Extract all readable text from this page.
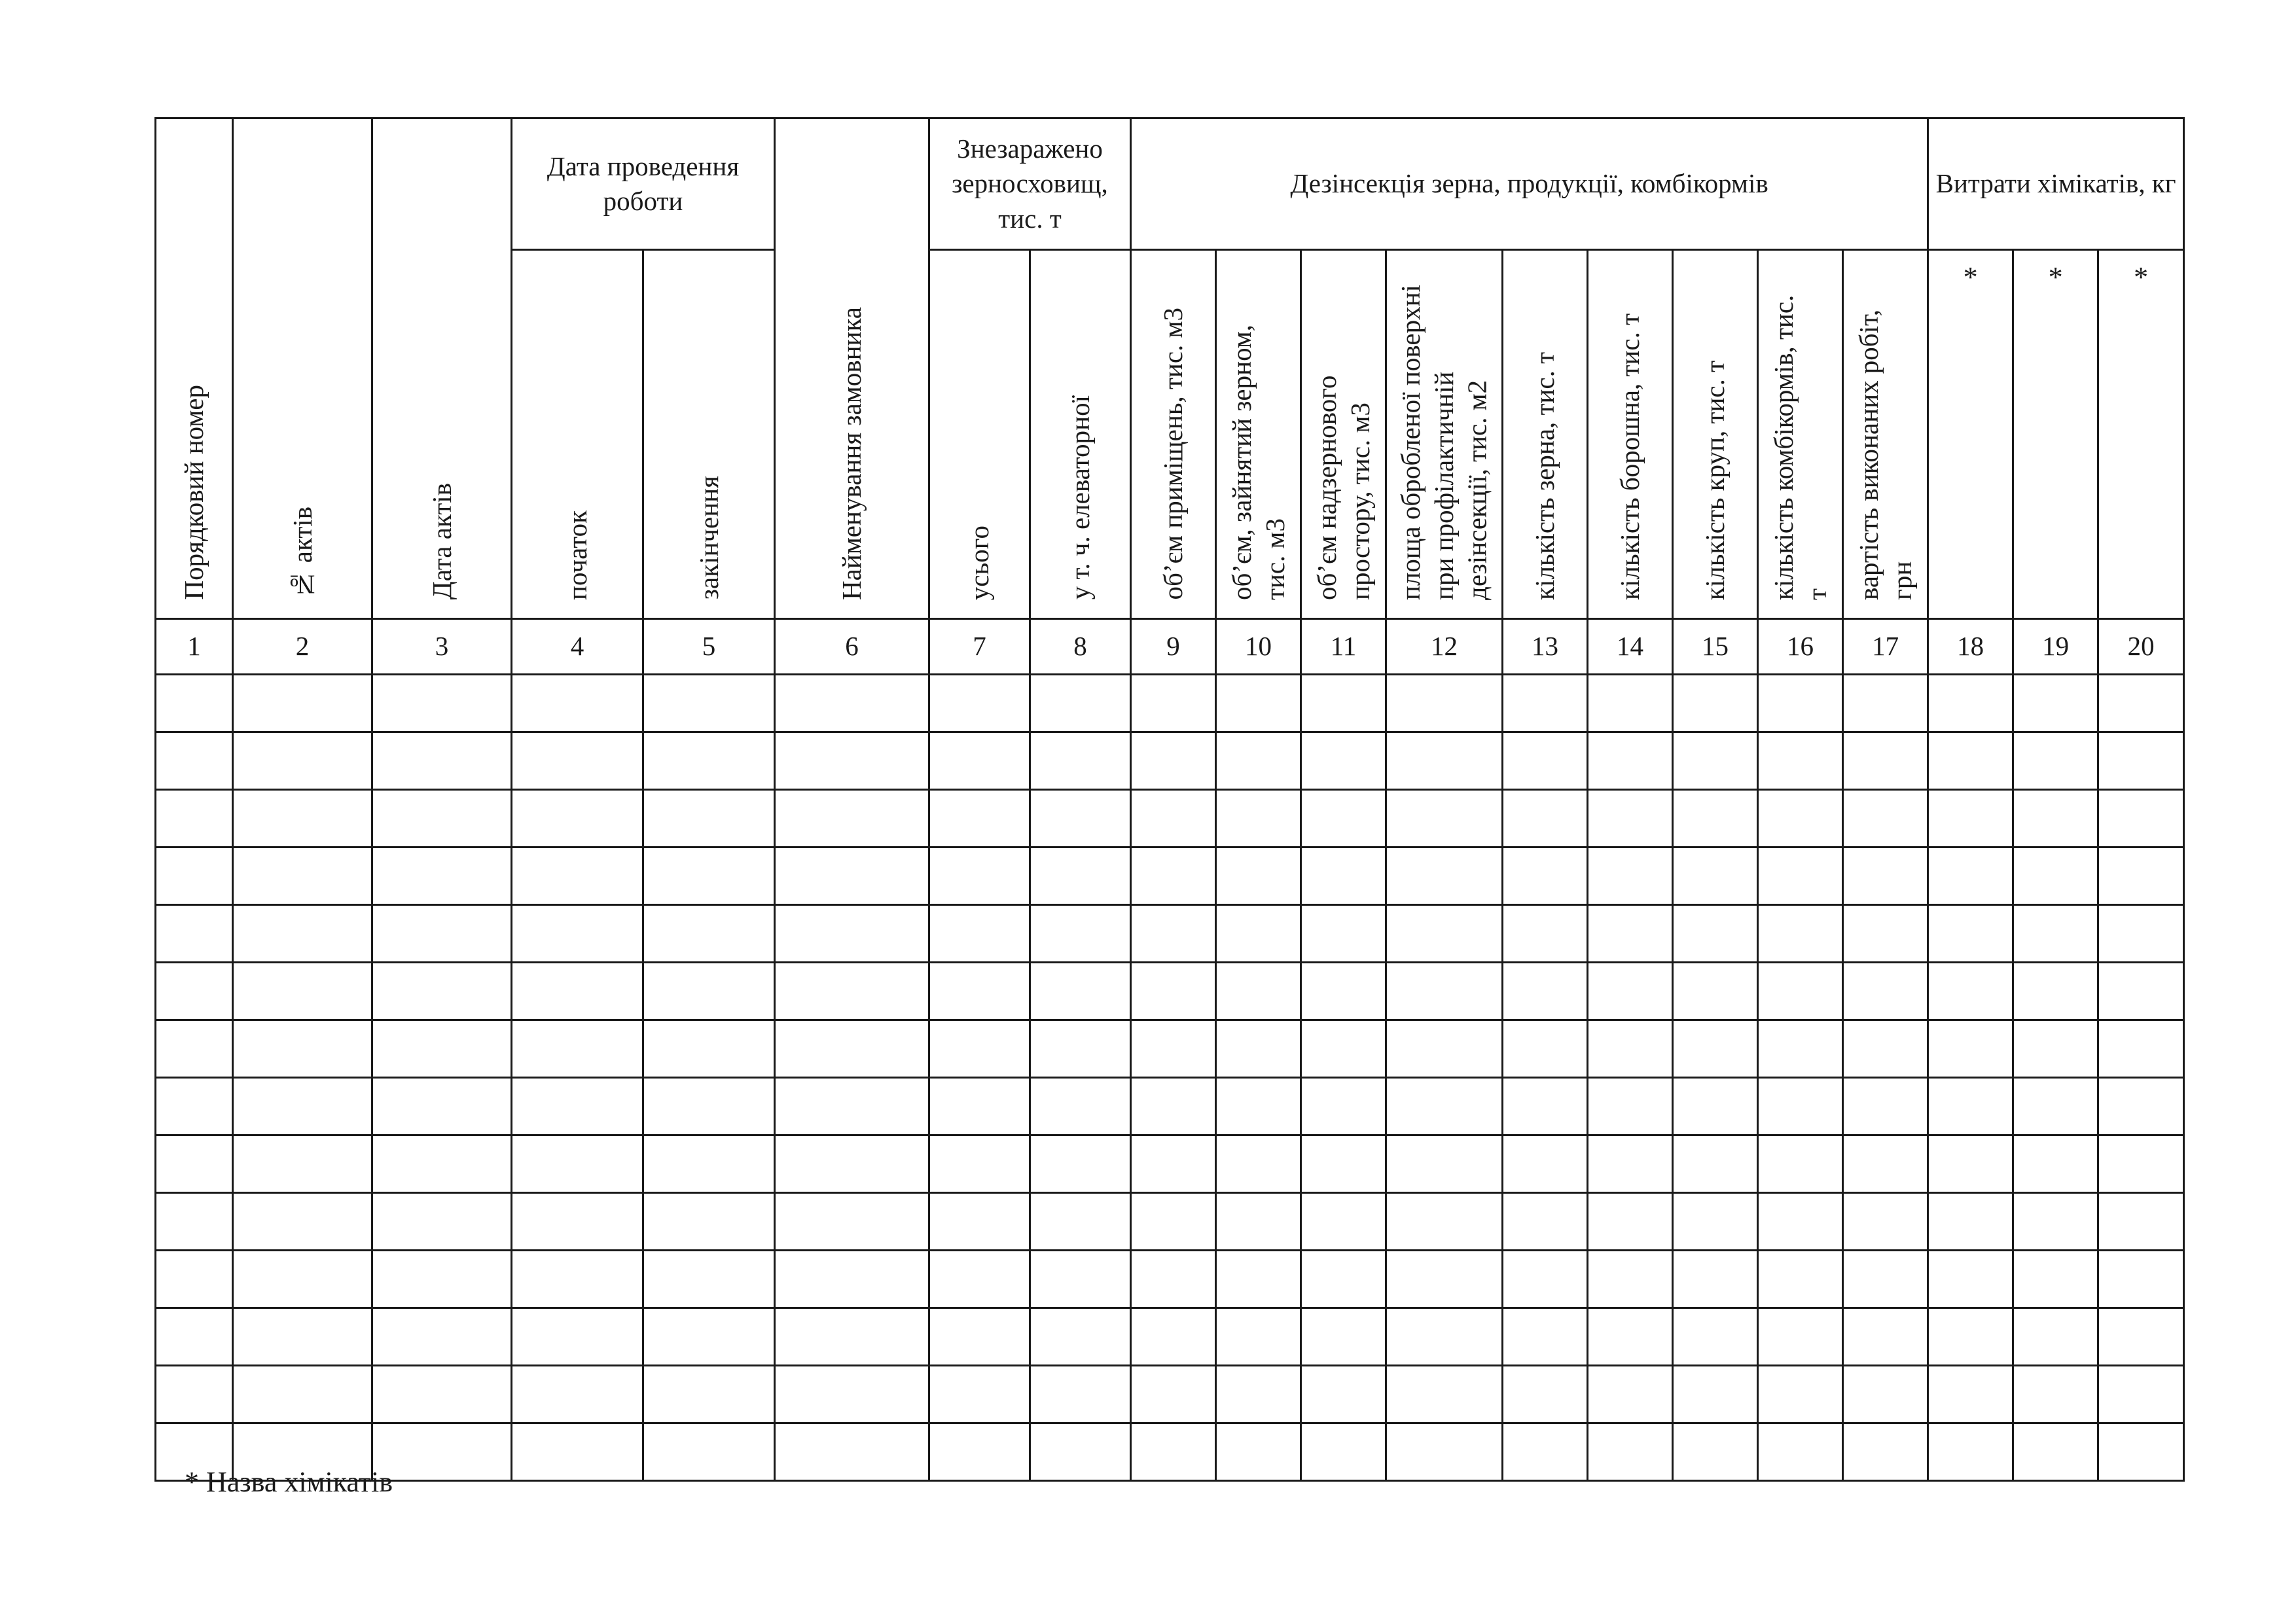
Порядковий номер	№ актів	Дата актів	Дата проведення роботи		Найменування замовника	Знезаражено зерносховищ, тис. т		Дезінсекція зерна, продукції, комбікормів									Витрати хімікатів, кг		
			початок	закінчення		усього	у т. ч. елеваторної	об’єм приміщень, тис. м3	об’єм, зайнятий зерном, тис. м3	об’єм надзернового простору, тис. м3	площа обробленої поверхні при профілактичній дезінсекції, тис. м2	кількість зерна, тис. т	кількість борошна, тис. т	кількість круп, тис. т	кількість комбікормів, тис. т	вартість виконаних робіт, грн	*	*	*
1	2	3	4	5	6	7	8	9	10	11	12	13	14	15	16	17	18	19	20

* Назва хімікатів
